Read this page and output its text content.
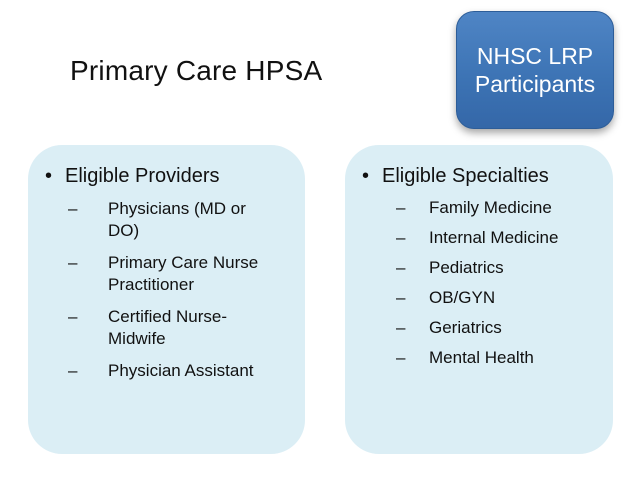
Primary Care HPSA	NHSC LRP
Participants
• Eligible Providers
– Physicians (MD or
DO)
– Primary Care Nurse
Practitioner
– Certified Nurse-
Midwife
– Physician Assistant
• Eligible Specialties
– Family Medicine
– Internal Medicine
– Pediatrics
– OB/GYN
– Geriatrics
– Mental Health
